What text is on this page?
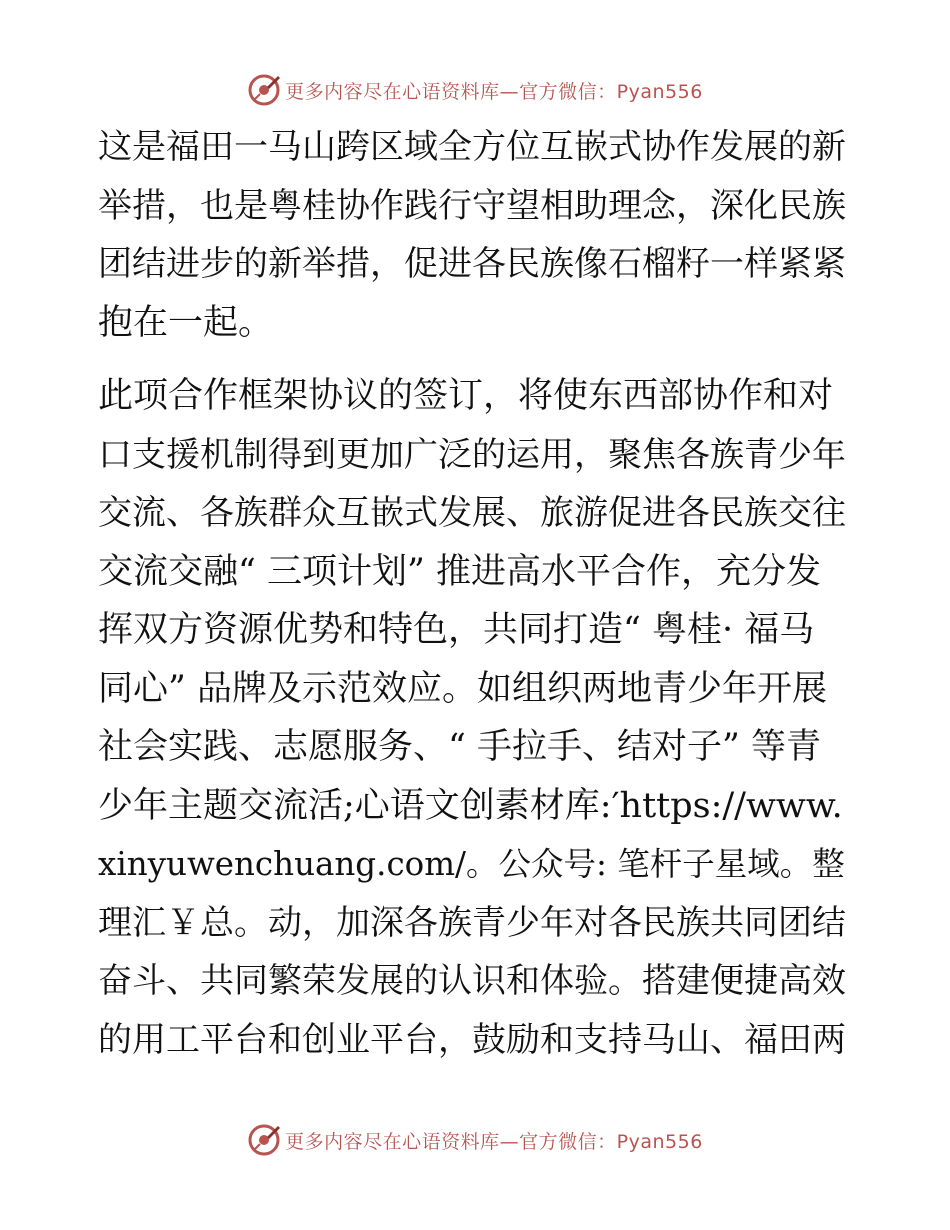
更多内容尽在心语资料库—官方微信：Pyan556
这是福田一马山跨区域全方位互嵌式协作发展的新
举措，也是粤桂协作践行守望相助理念，深化民族
团结进步的新举措，促进各民族像石榴籽一样紧紧
抱在一起。
此项合作框架协议的签订，将使东西部协作和对
口支援机制得到更加广泛的运用，聚焦各族青少年
交流、各族群众互嵌式发展、旅游促进各民族交往
交流交融“ 三项计划” 推进高水平合作，充分发
挥双方资源优势和特色，共同打造“ 粤桂· 福马
同心” 品牌及示范效应。如组织两地青少年开展
社会实践、志愿服务、“ 手拉手、结对子” 等青
少年主题交流活;心语文创素材库:′https://www.
xinyuwenchuang.com/。公众号: 笔杆子星域。整
理汇￥总。动，加深各族青少年对各民族共同团结
奋斗、共同繁荣发展的认识和体验。搭建便捷高效
的用工平台和创业平台，鼓励和支持马山、福田两
更多内容尽在心语资料库—官方微信：Pyan556
